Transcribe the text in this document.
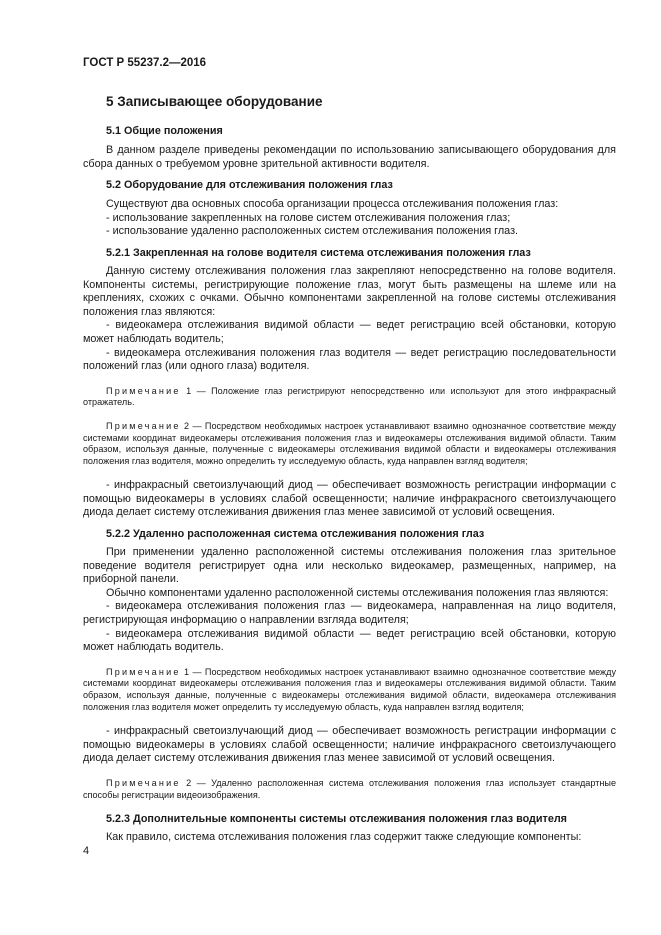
ГОСТ Р 55237.2—2016
5 Записывающее оборудование
5.1 Общие положения

В данном разделе приведены рекомендации по использованию записывающего оборудования для сбора данных о требуемом уровне зрительной активности водителя.

5.2 Оборудование для отслеживания положения глаз

Существуют два основных способа организации процесса отслеживания положения глаз:

- использование закрепленных на голове систем отслеживания положения глаз;

- использование удаленно расположенных систем отслеживания положения глаз.

5.2.1 Закрепленная на голове водителя система отслеживания положения глаз

Данную систему отслеживания положения глаз закрепляют непосредственно на голове водителя. Компоненты системы, регистрирующие положение глаз, могут быть размещены на шлеме или на креплениях, схожих с очками. Обычно компонентами закрепленной на голове системы отслеживания положения глаз являются:

- видеокамера отслеживания видимой области — ведет регистрацию всей обстановки, которую может наблюдать водитель;

- видеокамера отслеживания положения глаз водителя — ведет регистрацию последовательности положений глаз (или одного глаза) водителя.

Примечание 1 — Положение глаз регистрируют непосредственно или используют для этого инфракрасный отражатель.

Примечание 2 — Посредством необходимых настроек устанавливают взаимно однозначное соответствие между системами координат видеокамеры отслеживания положения глаз и видеокамеры отслеживания видимой области. Таким образом, используя данные, полученные с видеокамеры отслеживания видимой области и видеокамеры отслеживания положения глаз водителя, можно определить ту исследуемую область, куда направлен взгляд водителя;

- инфракрасный светоизлучающий диод — обеспечивает возможность регистрации информации с помощью видеокамеры в условиях слабой освещенности; наличие инфракрасного светоизлучающего диода делает систему отслеживания движения глаз менее зависимой от условий освещения.

5.2.2 Удаленно расположенная система отслеживания положения глаз

При применении удаленно расположенной системы отслеживания положения глаз зрительное поведение водителя регистрирует одна или несколько видеокамер, размещенных, например, на приборной панели.

Обычно компонентами удаленно расположенной системы отслеживания положения глаз являются:

- видеокамера отслеживания положения глаз — видеокамера, направленная на лицо водителя, регистрирующая информацию о направлении взгляда водителя;

- видеокамера отслеживания видимой области — ведет регистрацию всей обстановки, которую может наблюдать водитель.

Примечание 1 — Посредством необходимых настроек устанавливают взаимно однозначное соответствие между системами координат видеокамеры отслеживания положения глаз и видеокамеры отслеживания видимой области. Таким образом, используя данные, полученные с видеокамеры отслеживания видимой области, видеокамера отслеживания положения глаз водителя может определить ту исследуемую область, куда направлен взгляд водителя;

- инфракрасный светоизлучающий диод — обеспечивает возможность регистрации информации с помощью видеокамеры в условиях слабой освещенности; наличие инфракрасного светоизлучающего диода делает систему отслеживания движения глаз менее зависимой от условий освещения.

Примечание 2 — Удаленно расположенная система отслеживания положения глаз использует стандартные способы регистрации видеоизображения.

5.2.3 Дополнительные компоненты системы отслеживания положения глаз водителя

Как правило, система отслеживания положения глаз содержит также следующие компоненты:

4
